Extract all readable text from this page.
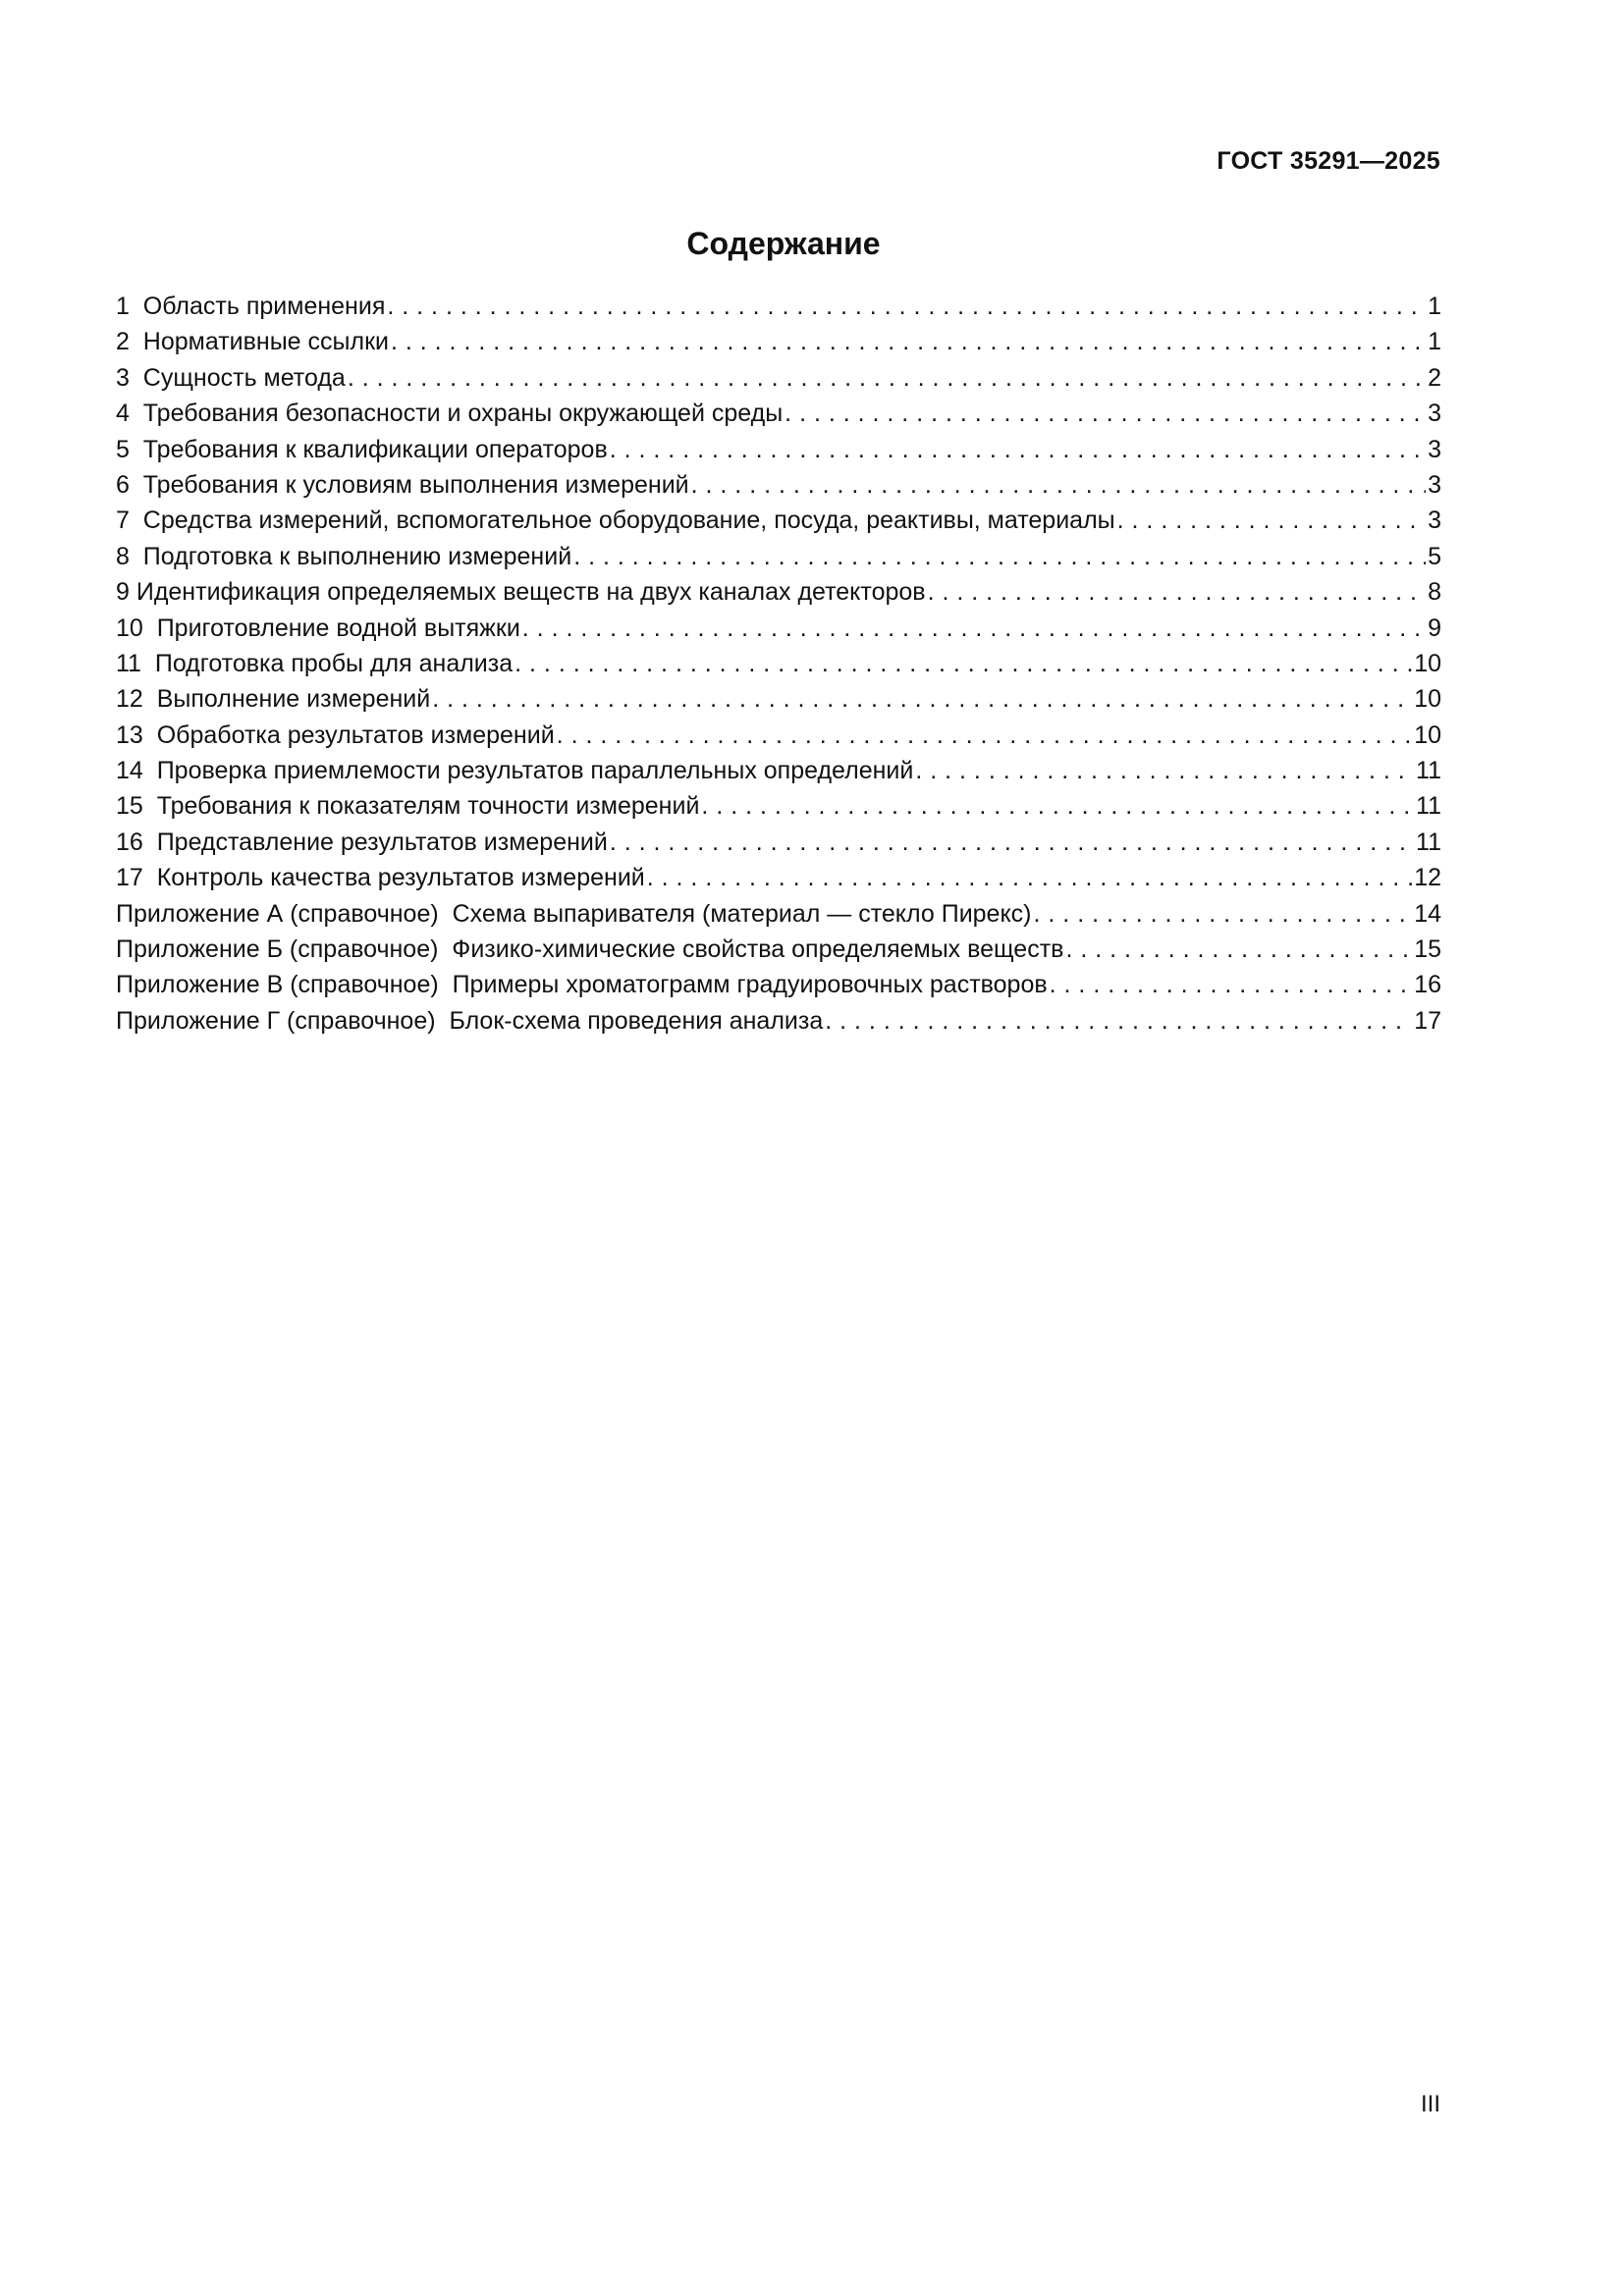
ГОСТ 35291—2025
Содержание
1  Область применения . . .	1
2  Нормативные ссылки . . .	1
3  Сущность метода . . .	2
4  Требования безопасности и охраны окружающей среды . . .	3
5  Требования к квалификации операторов . . .	3
6  Требования к условиям выполнения измерений . . .	3
7  Средства измерений, вспомогательное оборудование, посуда, реактивы, материалы . . .	3
8  Подготовка к выполнению измерений . . .	5
9 Идентификация определяемых веществ на двух каналах детекторов . . .	8
10  Приготовление водной вытяжки . . .	9
11  Подготовка пробы для анализа . . .	10
12  Выполнение измерений . . .	10
13  Обработка результатов измерений . . .	10
14  Проверка приемлемости результатов параллельных определений . . .	11
15  Требования к показателям точности измерений . . .	11
16  Представление результатов измерений . . .	11
17  Контроль качества результатов измерений . . .	12
Приложение А (справочное)  Схема выпаривателя (материал — стекло Пирекс) . . .	14
Приложение Б (справочное)  Физико-химические свойства определяемых веществ . . .	15
Приложение В (справочное)  Примеры хроматограмм градуировочных растворов . . .	16
Приложение Г (справочное)  Блок-схема проведения анализа . . .	17
III
